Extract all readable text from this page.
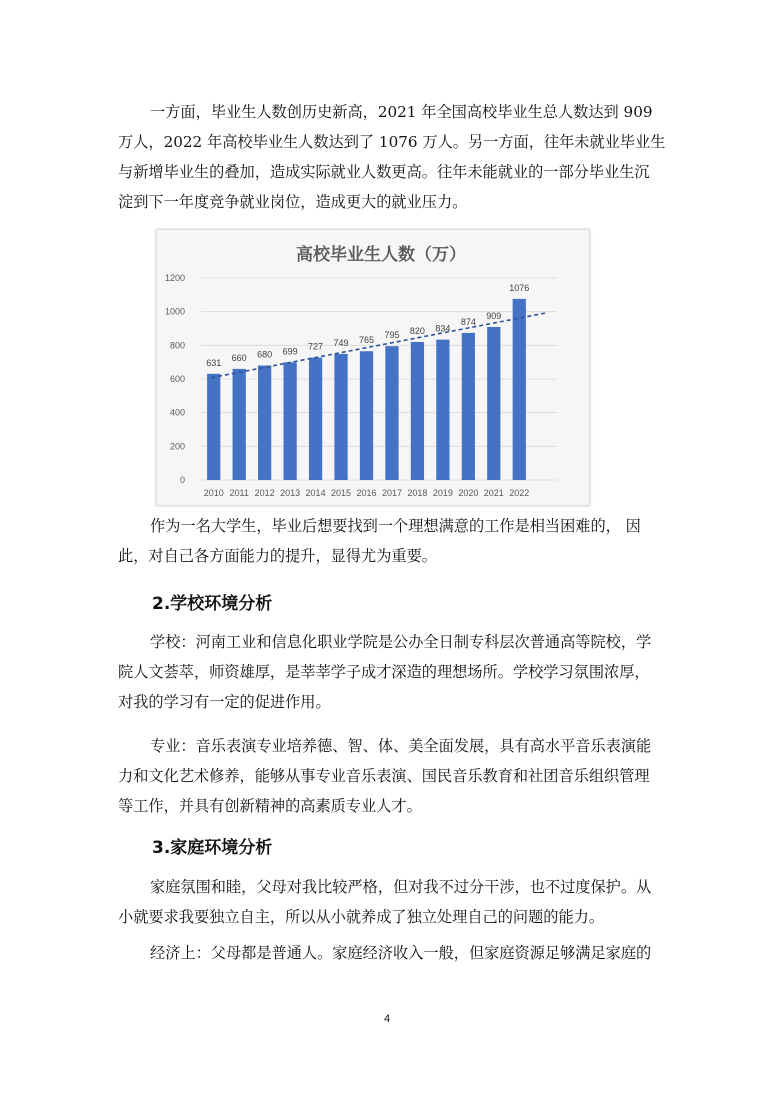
一方面，毕业生人数创历史新高，2021 年全国高校毕业生总人数达到 909
万人，2022 年高校毕业生人数达到了 1076 万人。另一方面，往年未就业毕业生
与新增毕业生的叠加，造成实际就业人数更高。往年未能就业的一部分毕业生沉
淀到下一年度竞争就业岗位，造成更大的就业压力。
高校毕业生人数（万）
0
200
400
600
800
1000
1200
631
2010
660
2011
680
2012
699
2013
727
2014
749
2015
765
2016
795
2017
820
2018
834
2019
874
2020
909
2021
1076
2022
作为一名大学生，毕业后想要找到一个理想满意的工作是相当困难的， 因
此，对自己各方面能力的提升，显得尤为重要。
2.学校环境分析
学校：河南工业和信息化职业学院是公办全日制专科层次普通高等院校，学
院人文荟萃，师资雄厚，是莘莘学子成才深造的理想场所。学校学习氛围浓厚，
对我的学习有一定的促进作用。
专业：音乐表演专业培养德、智、体、美全面发展，具有高水平音乐表演能
力和文化艺术修养，能够从事专业音乐表演、国民音乐教育和社团音乐组织管理
等工作，并具有创新精神的高素质专业人才。
3.家庭环境分析
家庭氛围和睦，父母对我比较严格，但对我不过分干涉，也不过度保护。从
小就要求我要独立自主，所以从小就养成了独立处理自己的问题的能力。
经济上：父母都是普通人。家庭经济收入一般，但家庭资源足够满足家庭的
4
